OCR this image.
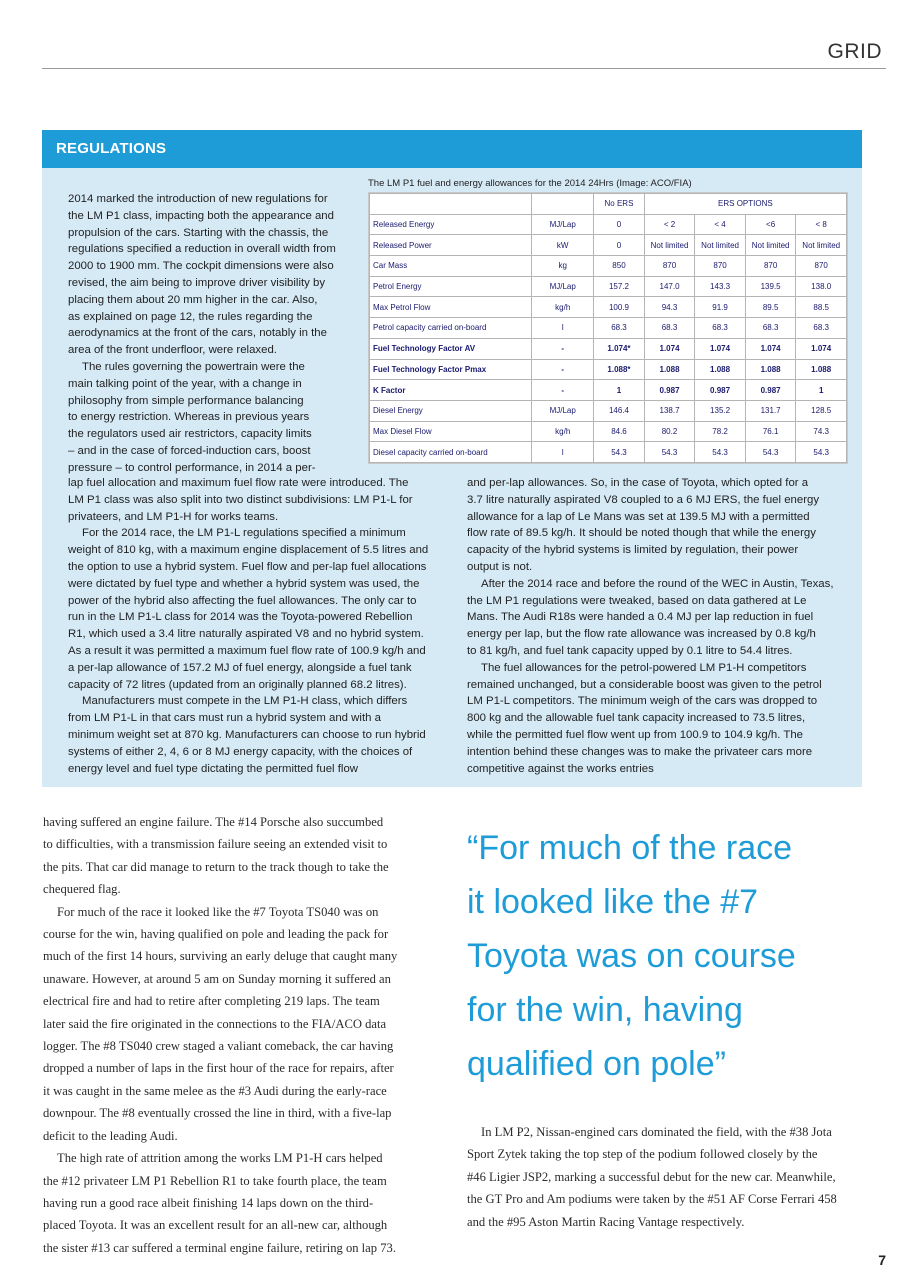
GRID
REGULATIONS

2014 marked the introduction of new regulations for

the LM P1 class, impacting both the appearance and

propulsion of the cars. Starting with the chassis, the

regulations specified a reduction in overall width from

2000 to 1900 mm. The cockpit dimensions were also

revised, the aim being to improve driver visibility by

placing them about 20 mm higher in the car. Also,

as explained on page 12, the rules regarding the

aerodynamics at the front of the cars, notably in the

area of the front underfloor, were relaxed.

The rules governing the powertrain were the

main talking point of the year, with a change in

philosophy from simple performance balancing

to energy restriction. Whereas in previous years

the regulators used air restrictors, capacity limits

– and in the case of forced-induction cars, boost

pressure – to control performance, in 2014 a per-

The LM P1 fuel and energy allowances for the 2014 24Hrs (Image: ACO/FIA)
		No ERS	ERS OPTIONS			
Released Energy	MJ/Lap	0	< 2	< 4	<6	< 8
Released Power	kW	0	Not limited	Not limited	Not limited	Not limited
Car Mass	kg	850	870	870	870	870
Petrol Energy	MJ/Lap	157.2	147.0	143.3	139.5	138.0
Max Petrol Flow	kg/h	100.9	94.3	91.9	89.5	88.5
Petrol capacity carried on-board	l	68.3	68.3	68.3	68.3	68.3
Fuel Technology Factor AV	-	1.074*	1.074	1.074	1.074	1.074
Fuel Technology Factor Pmax	-	1.088*	1.088	1.088	1.088	1.088
K Factor	-	1	0.987	0.987	0.987	1
Diesel Energy	MJ/Lap	146.4	138.7	135.2	131.7	128.5
Max Diesel Flow	kg/h	84.6	80.2	78.2	76.1	74.3
Diesel capacity carried on-board	l	54.3	54.3	54.3	54.3	54.3

lap fuel allocation and maximum fuel flow rate were introduced. The

LM P1 class was also split into two distinct subdivisions: LM P1-L for

privateers, and LM P1-H for works teams.

For the 2014 race, the LM P1-L regulations specified a minimum

weight of 810 kg, with a maximum engine displacement of 5.5 litres and

the option to use a hybrid system. Fuel flow and per-lap fuel allocations

were dictated by fuel type and whether a hybrid system was used, the

power of the hybrid also affecting the fuel allowances. The only car to

run in the LM P1-L class for 2014 was the Toyota-powered Rebellion

R1, which used a 3.4 litre naturally aspirated V8 and no hybrid system.

As a result it was permitted a maximum fuel flow rate of 100.9 kg/h and

a per-lap allowance of 157.2 MJ of fuel energy, alongside a fuel tank

capacity of 72 litres (updated from an originally planned 68.2 litres).

Manufacturers must compete in the LM P1-H class, which differs

from LM P1-L in that cars must run a hybrid system and with a

minimum weight set at 870 kg. Manufacturers can choose to run hybrid

systems of either 2, 4, 6 or 8 MJ energy capacity, with the choices of

energy level and fuel type dictating the permitted fuel flow

and per-lap allowances. So, in the case of Toyota, which opted for a

3.7 litre naturally aspirated V8 coupled to a 6 MJ ERS, the fuel energy

allowance for a lap of Le Mans was set at 139.5 MJ with a permitted

flow rate of 89.5 kg/h. It should be noted though that while the energy

capacity of the hybrid systems is limited by regulation, their power

output is not.

After the 2014 race and before the round of the WEC in Austin, Texas,

the LM P1 regulations were tweaked, based on data gathered at Le

Mans. The Audi R18s were handed a 0.4 MJ per lap reduction in fuel

energy per lap, but the flow rate allowance was increased by 0.8 kg/h

to 81 kg/h, and fuel tank capacity upped by 0.1 litre to 54.4 litres.

The fuel allowances for the petrol-powered LM P1-H competitors

remained unchanged, but a considerable boost was given to the petrol

LM P1-L competitors. The minimum weigh of the cars was dropped to

800 kg and the allowable fuel tank capacity increased to 73.5 litres,

while the permitted fuel flow went up from 100.9 to 104.9 kg/h. The

intention behind these changes was to make the privateer cars more

competitive against the works entries

having suffered an engine failure. The #14 Porsche also succumbed

to difficulties, with a transmission failure seeing an extended visit to

the pits. That car did manage to return to the track though to take the

chequered flag.

For much of the race it looked like the #7 Toyota TS040 was on

course for the win, having qualified on pole and leading the pack for

much of the first 14 hours, surviving an early deluge that caught many

unaware. However, at around 5 am on Sunday morning it suffered an

electrical fire and had to retire after completing 219 laps. The team

later said the fire originated in the connections to the FIA/ACO data

logger. The #8 TS040 crew staged a valiant comeback, the car having

dropped a number of laps in the first hour of the race for repairs, after

it was caught in the same melee as the #3 Audi during the early-race

downpour. The #8 eventually crossed the line in third, with a five-lap

deficit to the leading Audi.

The high rate of attrition among the works LM P1-H cars helped

the #12 privateer LM P1 Rebellion R1 to take fourth place, the team

having run a good race albeit finishing 14 laps down on the third-

placed Toyota. It was an excellent result for an all-new car, although

the sister #13 car suffered a terminal engine failure, retiring on lap 73.

“For much of the race

it looked like the #7

Toyota was on course

for the win, having

qualified on pole”

In LM P2, Nissan-engined cars dominated the field, with the #38 Jota

Sport Zytek taking the top step of the podium followed closely by the

#46 Ligier JSP2, marking a successful debut for the new car. Meanwhile,

the GT Pro and Am podiums were taken by the #51 AF Corse Ferrari 458

and the #95 Aston Martin Racing Vantage respectively.

7
